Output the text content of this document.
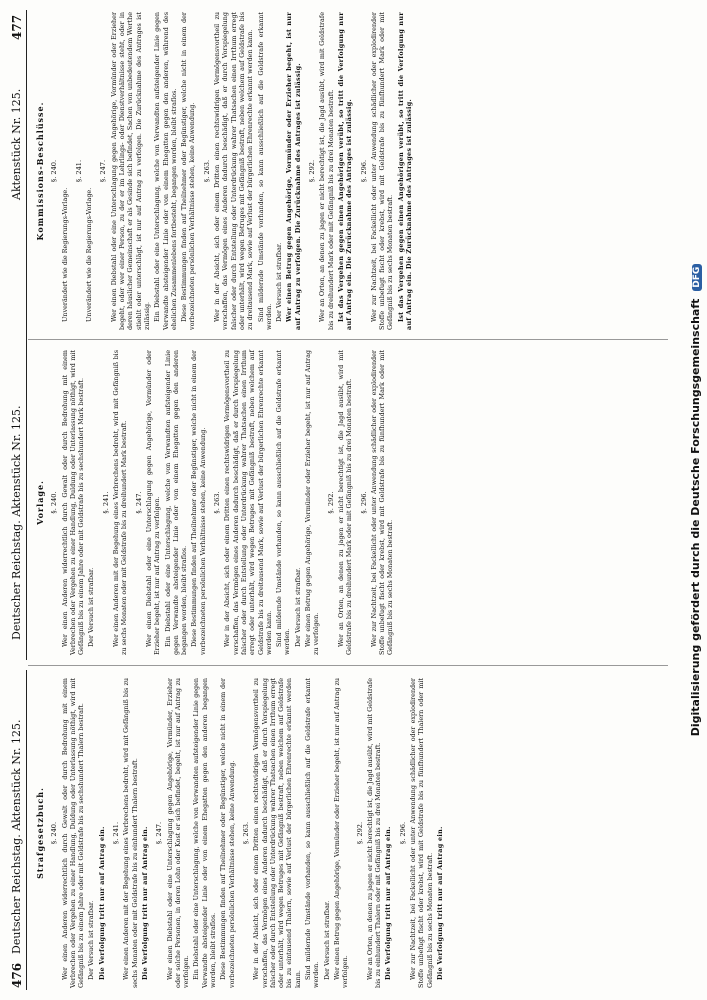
476
Deutscher Reichstag. Aktenstück Nr. 125.
Deutscher Reichstag. Aktenstück Nr. 125.
Aktenstück Nr. 125.
477
Strafgesetzbuch. §. 240. Wer einen Anderen widerrechtlich durch Gewalt oder durch Bedrohung mit einem Verbrechen oder Vergehen zu einer Handlung, Duldung oder Unterlassung nöthigt, wird mit Gefängniß bis zu einem Jahre oder mit Geldstrafe bis zu sechshundert Thalern bestraft. Der Versuch ist strafbar. Die Verfolgung tritt nur auf Antrag ein. §. 241. Wer einen Anderen mit der Begehung eines Verbrechens bedroht, wird mit Gefängniß bis zu sechs Monaten oder mit Geldstrafe bis zu einhundert Thalern bestraft. Die Verfolgung tritt nur auf Antrag ein. §. 247. Wer einen Diebstahl oder eine Unterschlagung gegen Angehörige, Vormünder, Erzieher oder solche Personen, in deren Lohn oder Kost er sich befindet, begeht, ist nur auf Antrag zu verfolgen. Ein Diebstahl oder eine Unterschlagung, welche von Verwandten aufsteigender Linie gegen Verwandte absteigender Linie oder von einem Ehegatten gegen den anderen begangen worden, bleibt straflos. Diese Bestimmungen finden auf Theilnehmer oder Begünstiger, welche nicht in einem der vorbezeichneten persönlichen Verhältnisse stehen, keine Anwendung. §. 263. Wer in der Absicht, sich oder einem Dritten einen rechtswidrigen Vermögensvortheil zu verschaffen, das Vermögen eines Anderen dadurch beschädigt, daß er durch Vorspiegelung falscher oder durch Entstellung oder Unterdrückung wahrer Thatsachen einen Irrthum erregt oder unterhält, wird wegen Betruges mit Gefängniß bestraft, neben welchem auf Geldstrafe bis zu eintausend Thalern, sowie auf Verlust der bürgerlichen Ehrenrechte erkannt werden kann. Sind mildernde Umstände vorhanden, so kann ausschließlich auf die Geldstrafe erkannt werden. Der Versuch ist strafbar. Wer einen Betrug gegen Angehörige, Vormünder oder Erzieher begeht, ist nur auf Antrag zu verfolgen.

§. 292. Wer an Orten, an denen zu jagen er nicht berechtigt ist, die Jagd ausübt, wird mit Geldstrafe bis zu einhundert Thalern oder mit Gefängniß bis zu drei Monaten bestraft. Die Verfolgung tritt nur auf Antrag ein. §. 296. Wer zur Nachtzeit, bei Fackellicht oder unter Anwendung schädlicher oder explodirender Stoffe unbefugt fischt oder krebst, wird mit Geldstrafe bis zu fünfhundert Thalern oder mit Gefängniß bis zu sechs Monaten bestraft. Die Verfolgung tritt nur auf Antrag ein.

Vorlage. §. 240. Wer einen Anderen widerrechtlich durch Gewalt oder durch Bedrohung mit einem Verbrechen oder Vergehen zu einer Handlung, Duldung oder Unterlassung nöthigt, wird mit Gefängniß bis zu einem Jahre oder mit Geldstrafe bis zu sechshundert Mark bestraft. Der Versuch ist strafbar.

§. 241. Wer einen Anderen mit der Begehung eines Verbrechens bedroht, wird mit Gefängniß bis zu sechs Monaten oder mit Geldstrafe bis zu dreihundert Mark bestraft. §. 247. Wer einen Diebstahl oder eine Unterschlagung gegen Angehörige, Vormünder oder Erzieher begeht, ist nur auf Antrag zu verfolgen. Ein Diebstahl oder eine Unterschlagung, welche von Verwandten aufsteigender Linie gegen Verwandte absteigender Linie oder von einem Ehegatten gegen den anderen begangen worden, bleibt straflos. Diese Bestimmungen finden auf Theilnehmer oder Begünstiger, welche nicht in einem der vorbezeichneten persönlichen Verhältnisse stehen, keine Anwendung. §. 263. Wer in der Absicht, sich oder einem Dritten einen rechtswidrigen Vermögensvortheil zu verschaffen, das Vermögen eines Anderen dadurch beschädigt, daß er durch Vorspiegelung falscher oder durch Entstellung oder Unterdrückung wahrer Thatsachen einen Irrthum erregt oder unterhält, wird wegen Betruges mit Gefängniß bestraft, neben welchem auf Geldstrafe bis zu dreitausend Mark, sowie auf Verlust der bürgerlichen Ehrenrechte erkannt werden kann. Sind mildernde Umstände vorhanden, so kann ausschließlich auf die Geldstrafe erkannt werden. Der Versuch ist strafbar. Wer einen Betrug gegen Angehörige, Vormünder oder Erzieher begeht, ist nur auf Antrag zu verfolgen.

§. 292. Wer an Orten, an denen zu jagen er nicht berechtigt ist, die Jagd ausübt, wird mit Geldstrafe bis zu dreihundert Mark oder mit Gefängniß bis zu drei Monaten bestraft. §. 296. Wer zur Nachtzeit, bei Fackellicht oder unter Anwendung schädlicher oder explodirender Stoffe unbefugt fischt oder krebst, wird mit Geldstrafe bis zu fünfhundert Mark oder mit Gefängniß bis zu sechs Monaten bestraft.

Kommissions-Beschlüsse. §. 240.

Unverändert wie die Regierungs-Vorlage.

§. 241.

Unverändert wie die Regierungs-Vorlage.

§. 247. Wer einen Diebstahl oder eine Unterschlagung gegen Angehörige, Vormünder oder Erzieher begeht, oder wer einer Person, zu der er im Lehrlings- oder Dienstverhältnisse steht, oder in deren häuslicher Gemeinschaft er als Gesinde sich befindet, Sachen von unbedeutendem Werthe stiehlt oder unterschlägt, ist nur auf Antrag zu verfolgen. Die Zurücknahme des Antrages ist zulässig. Ein Diebstahl oder eine Unterschlagung, welche von Verwandten aufsteigender Linie gegen Verwandte absteigender Linie oder von einem Ehegatten gegen den anderen, während des ehelichen Zusammenlebens fortbesteht, begangen worden, bleibt straflos. Diese Bestimmungen finden auf Theilnehmer oder Begünstiger, welche nicht in einem der vorbezeichneten persönlichen Verhältnisse stehen, keine Anwendung. §. 263. Wer in der Absicht, sich oder einem Dritten einen rechtswidrigen Vermögensvortheil zu verschaffen, das Vermögen eines Anderen dadurch beschädigt, daß er durch Vorspiegelung falscher oder durch Entstellung oder Unterdrückung wahrer Thatsachen einen Irrthum erregt oder unterhält, wird wegen Betruges mit Gefängniß bestraft, neben welchem auf Geldstrafe bis zu dreitausend Mark, sowie auf Verlust der bürgerlichen Ehrenrechte erkannt werden kann. Sind mildernde Umstände vorhanden, so kann ausschließlich auf die Geldstrafe erkannt werden. Der Versuch ist strafbar. Wer einen Betrug gegen Angehörige, Vormünder oder Erzieher begeht, ist nur auf Antrag zu verfolgen. Die Zurücknahme des Antrages ist zulässig. §. 292. Wer an Orten, an denen zu jagen er nicht berechtigt ist, die Jagd ausübt, wird mit Geldstrafe bis zu dreihundert Mark oder mit Gefängniß bis zu drei Monaten bestraft. Ist das Vergehen gegen einen Angehörigen verübt, so tritt die Verfolgung nur auf Antrag ein. Die Zurücknahme des Antrages ist zulässig. §. 296. Wer zur Nachtzeit, bei Fackellicht oder unter Anwendung schädlicher oder explodirender Stoffe unbefugt fischt oder krebst, wird mit Geldstrafe bis zu fünfhundert Mark oder mit Gefängniß bis zu sechs Monaten bestraft. Ist das Vergehen gegen einen Angehörigen verübt, so tritt die Verfolgung nur auf Antrag ein. Die Zurücknahme des Antrages ist zulässig.

Digitalisierung gefördert durch die Deutsche Forschungsgemeinschaft DFG
